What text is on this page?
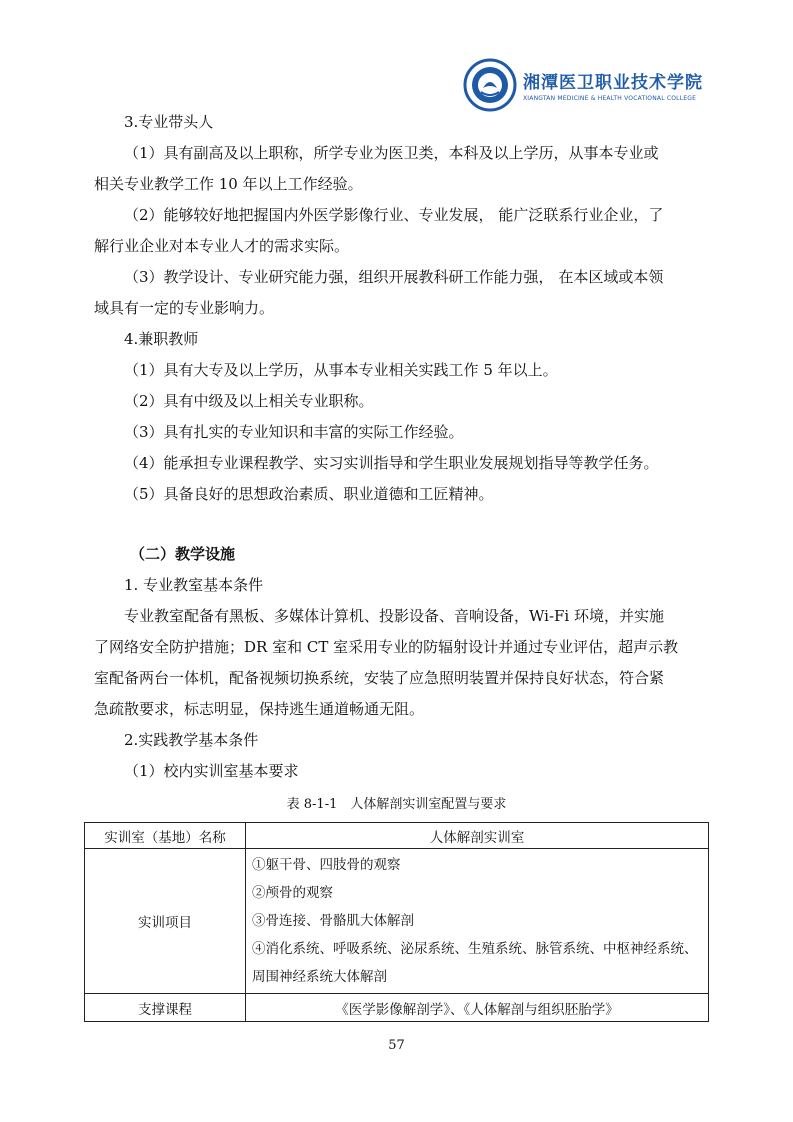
湘潭医卫职业技术学院
XIANGTAN MEDICINE & HEALTH VOCATIONAL COLLEGE
3.专业带头人
（1）具有副高及以上职称，所学专业为医卫类，本科及以上学历，从事本专业或
相关专业教学工作 10 年以上工作经验。
（2）能够较好地把握国内外医学影像行业、专业发展， 能广泛联系行业企业，了
解行业企业对本专业人才的需求实际。
（3）教学设计、专业研究能力强，组织开展教科研工作能力强， 在本区域或本领
域具有一定的专业影响力。
4.兼职教师
（1）具有大专及以上学历，从事本专业相关实践工作 5 年以上。
（2）具有中级及以上相关专业职称。
（3）具有扎实的专业知识和丰富的实际工作经验。
（4）能承担专业课程教学、实习实训指导和学生职业发展规划指导等教学任务。
（5）具备良好的思想政治素质、职业道德和工匠精神。
（二）教学设施
1. 专业教室基本条件
专业教室配备有黑板、多媒体计算机、投影设备、音响设备，Wi-Fi 环境，并实施
了网络安全防护措施；DR 室和 CT 室采用专业的防辐射设计并通过专业评估，超声示教
室配备两台一体机，配备视频切换系统，安装了应急照明装置并保持良好状态，符合紧
急疏散要求，标志明显，保持逃生通道畅通无阻。
2.实践教学基本条件
（1）校内实训室基本要求
表 8-1-1　人体解剖实训室配置与要求
实训室（基地）名称	人体解剖实训室
实训项目	①躯干骨、四肢骨的观察
②颅骨的观察
③骨连接、骨骼肌大体解剖
④消化系统、呼吸系统、泌尿系统、生殖系统、脉管系统、中枢神经系统、
周围神经系统大体解剖

支撑课程	《医学影像解剖学》、《人体解剖与组织胚胎学》
57
